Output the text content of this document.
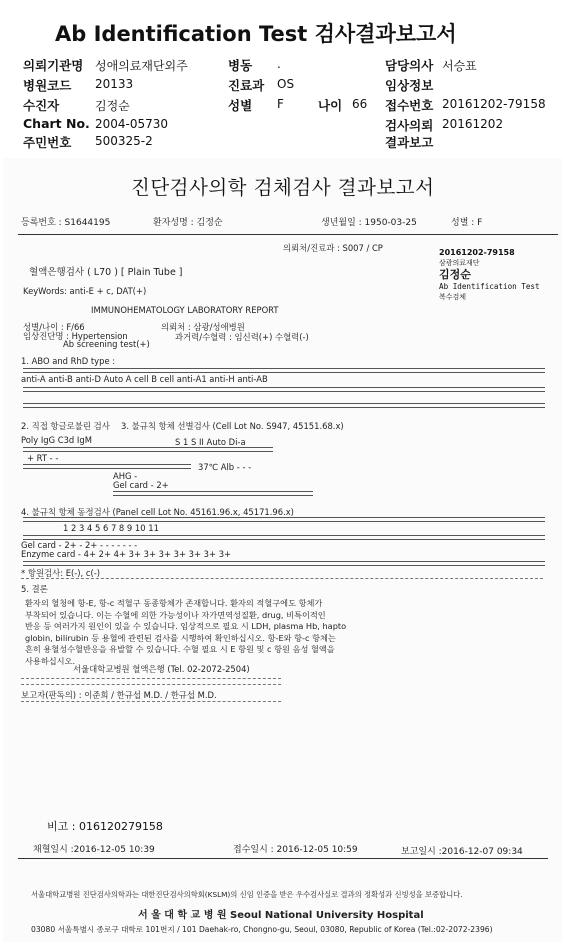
Ab Identification Test 검사결과보고서
의뢰기관명 성애의료재단외주	병동 .	담당의사 서승표
병원코드 20133	진료과 OS	임상정보
수진자	김정순	성별 F	나이 66 접수번호 20161202-79158
Chart No. 2004-05730	검사의뢰 20161202
주민번호 500325-2	결과보고
진단검사의학 검체검사 결과보고서
등록번호 : S1644195	환자성명 : 김정순	생년월일 : 1950-03-25	성별 : F
의뢰처/진료과 : S007 / CP
혈액은행검사 ( L70 ) [ Plain Tube ]
KeyWords: anti-E + c, DAT(+)
20161202-79158
삼광의료재단
김정순
Ab Identification Test
복수검체
IMMUNOHEMATOLOGY LABORATORY REPORT
성별/나이 : F/66
임상진단명 : Hypertension
Ab screening test(+)
의뢰처 : 삼광/성애병원
과거력/수혈력 : 임신력(+) 수혈력(-)
1. ABO and RhD type :
anti-A anti-B anti-D Auto A cell B cell anti-A1 anti-H anti-AB
2. 직접 항글로불린 검사 3. 불규칙 항체 선별검사 (Cell Lot No. S947, 45151.68.x)
Poly IgG C3d IgM	S 1 S II Auto Di-a
+ RT - -
37℃ Alb - - -
AHG -
Gel card - 2+
4. 불규칙 항체 동정검사 (Panel cell Lot No. 45161.96.x, 45171.96.x)
1 2 3 4 5 6 7 8 9 10 11
Gel card - 2+ - 2+ - - - - - - -
Enzyme card - 4+ 2+ 4+ 3+ 3+ 3+ 3+ 3+ 3+ 3+
* 항원검사: E(-), c(-)
5. 결론
환자의 혈청에 항-E, 항-c 적혈구 동종항체가 존재합니다. 환자의 적혈구에도 항체가
부착되어 있습니다. 이는 수혈에 의한 가능성이나 자가면역성질환, drug, 비특이적인
반응 등 여러가지 원인이 있을 수 있습니다. 임상적으로 필요 시 LDH, plasma Hb, hapto
globin, bilirubin 등 용혈에 관련된 검사를 시행하여 확인하십시오. 항-E와 항-c 항체는
흔히 용혈성수혈반응을 유발할 수 있습니다. 수혈 필요 시 E 항원 및 c 항원 음성 혈액을
사용하십시오.
서울대학교병원 혈액은행 (Tel. 02-2072-2504)
보고자(판독의) : 이준희 / 한규섭 M.D. / 한규섭 M.D.
비고 : 016120279158
채혈일시 :2016-12-05 10:39	접수일시 : 2016-12-05 10:59	보고일시 :2016-12-07 09:34
서울대학교병원 진단검사의학과는 대한진단검사의학회(KSLM)의 신임 인증을 받은 우수검사실로 결과의 정확성과 신빙성을 보증합니다.
서 울 대 학 교 병 원 Seoul National University Hospital
03080 서울특별시 종로구 대학로 101번지 / 101 Daehak-ro, Chongno-gu, Seoul, 03080, Republic of Korea (Tel.:02-2072-2396)
